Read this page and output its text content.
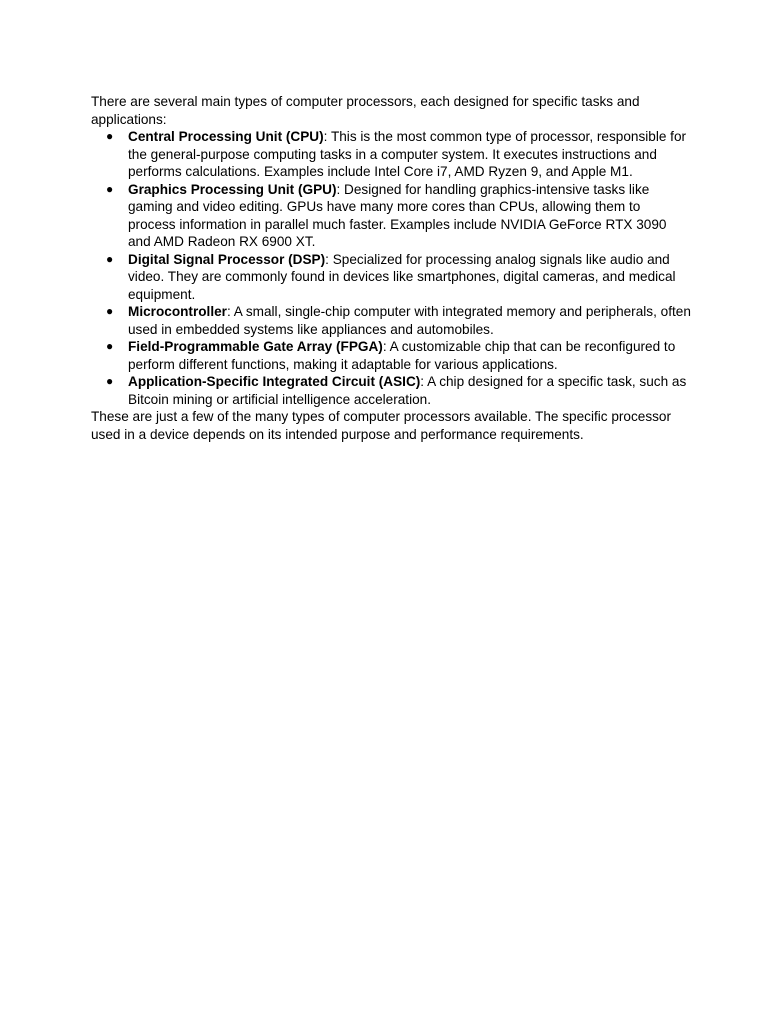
There are several main types of computer processors, each designed for specific tasks and applications:

● Central Processing Unit (CPU): This is the most common type of processor, responsible for the general-purpose computing tasks in a computer system. It executes instructions and performs calculations. Examples include Intel Core i7, AMD Ryzen 9, and Apple M1.
● Graphics Processing Unit (GPU): Designed for handling graphics-intensive tasks like gaming and video editing. GPUs have many more cores than CPUs, allowing them to process information in parallel much faster. Examples include NVIDIA GeForce RTX 3090 and AMD Radeon RX 6900 XT.
● Digital Signal Processor (DSP): Specialized for processing analog signals like audio and video. They are commonly found in devices like smartphones, digital cameras, and medical equipment.
● Microcontroller: A small, single-chip computer with integrated memory and peripherals, often used in embedded systems like appliances and automobiles.
● Field-Programmable Gate Array (FPGA): A customizable chip that can be reconfigured to perform different functions, making it adaptable for various applications.
● Application-Specific Integrated Circuit (ASIC): A chip designed for a specific task, such as Bitcoin mining or artificial intelligence acceleration.

These are just a few of the many types of computer processors available. The specific processor used in a device depends on its intended purpose and performance requirements.
